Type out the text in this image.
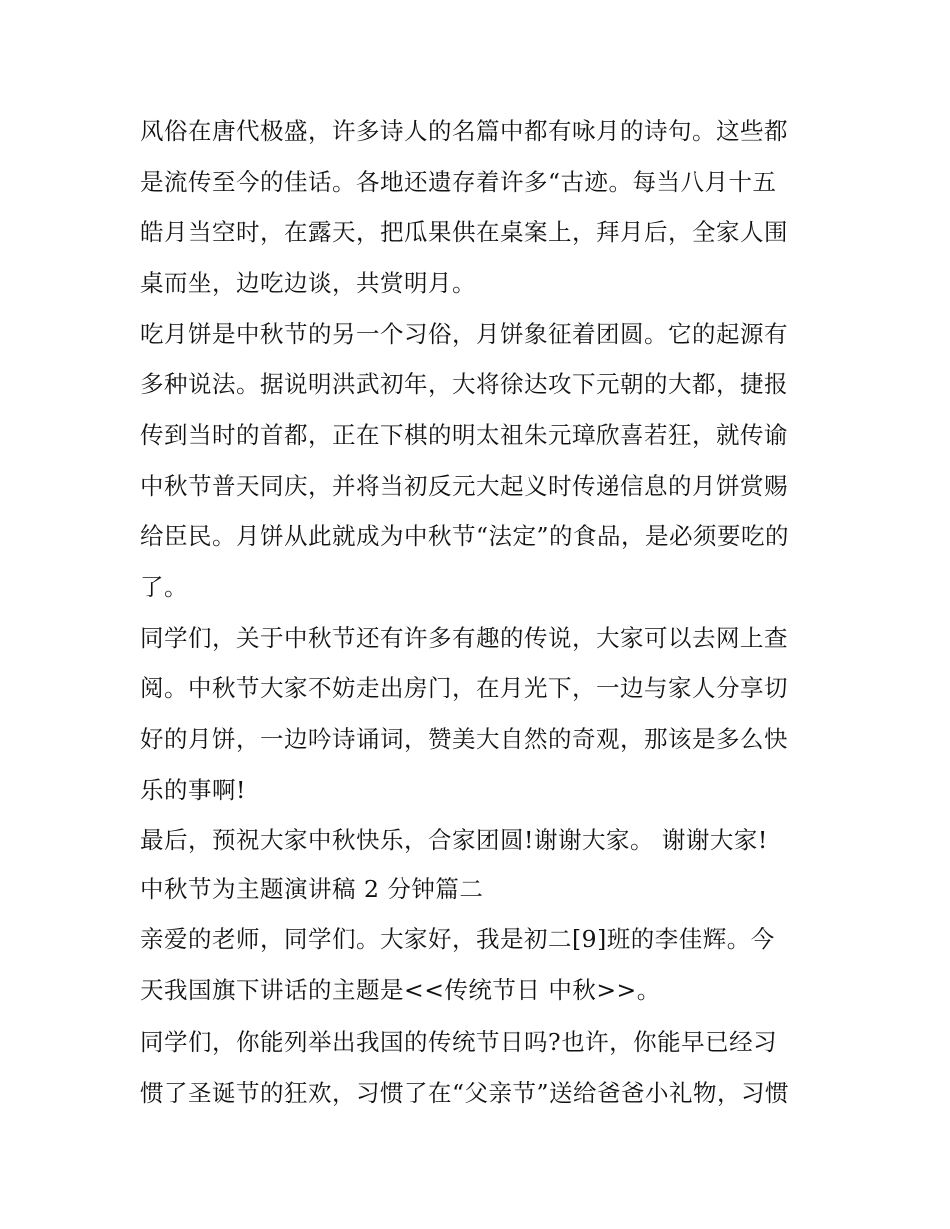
风俗在唐代极盛，许多诗人的名篇中都有咏月的诗句。这些都
是流传至今的佳话。各地还遗存着许多“古迹。每当八月十五
皓月当空时，在露天，把瓜果供在桌案上，拜月后，全家人围
桌而坐，边吃边谈，共赏明月。
吃月饼是中秋节的另一个习俗，月饼象征着团圆。它的起源有
多种说法。据说明洪武初年，大将徐达攻下元朝的大都，捷报
传到当时的首都，正在下棋的明太祖朱元璋欣喜若狂，就传谕
中秋节普天同庆，并将当初反元大起义时传递信息的月饼赏赐
给臣民。月饼从此就成为中秋节“法定”的食品，是必须要吃的
了。
同学们，关于中秋节还有许多有趣的传说，大家可以去网上查
阅。中秋节大家不妨走出房门，在月光下，一边与家人分享切
好的月饼，一边吟诗诵词，赞美大自然的奇观，那该是多么快
乐的事啊!
最后，预祝大家中秋快乐，合家团圆!谢谢大家。 谢谢大家!
中秋节为主题演讲稿 2 分钟篇二
亲爱的老师，同学们。大家好，我是初二[9]班的李佳辉。今
天我国旗下讲话的主题是<<传统节日 中秋>>。
同学们，你能列举出我国的传统节日吗?也许，你能早已经习
惯了圣诞节的狂欢，习惯了在“父亲节”送给爸爸小礼物，习惯
